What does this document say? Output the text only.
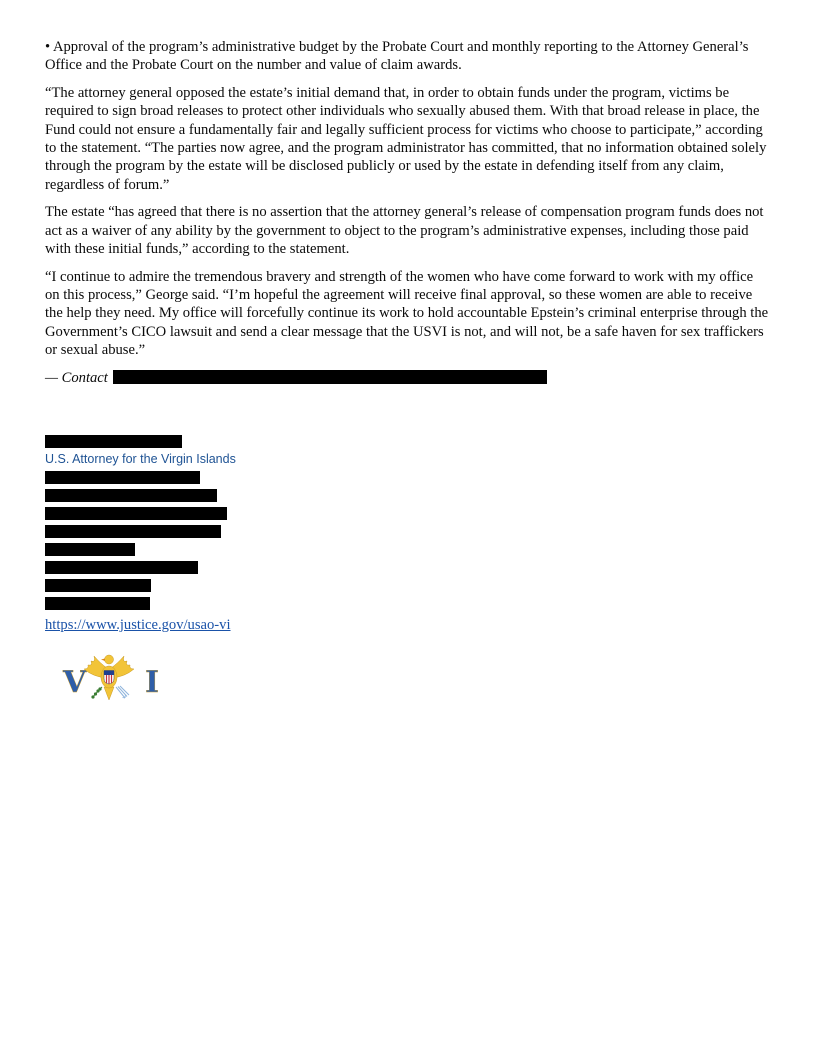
• Approval of the program’s administrative budget by the Probate Court and monthly reporting to the Attorney General’s Office and the Probate Court on the number and value of claim awards.

“The attorney general opposed the estate’s initial demand that, in order to obtain funds under the program, victims be required to sign broad releases to protect other individuals who sexually abused them. With that broad release in place, the Fund could not ensure a fundamentally fair and legally sufficient process for victims who choose to participate,” according to the statement. “The parties now agree, and the program administrator has committed, that no information obtained solely through the program by the estate will be disclosed publicly or used by the estate in defending itself from any claim, regardless of forum.”

The estate “has agreed that there is no assertion that the attorney general’s release of compensation program funds does not act as a waiver of any ability by the government to object to the program’s administrative expenses, including those paid with these initial funds,” according to the statement.

“I continue to admire the tremendous bravery and strength of the women who have come forward to work with my office on this process,” George said. “I’m hopeful the agreement will receive final approval, so these women are able to receive the help they need. My office will forcefully continue its work to hold accountable Epstein’s criminal enterprise through the Government’s CICO lawsuit and send a clear message that the USVI is not, and will not, be a safe haven for sex traffickers or sexual abuse.”

— Contact

U.S. Attorney for the Virgin Islands
https://www.justice.gov/usao-vi
V I
